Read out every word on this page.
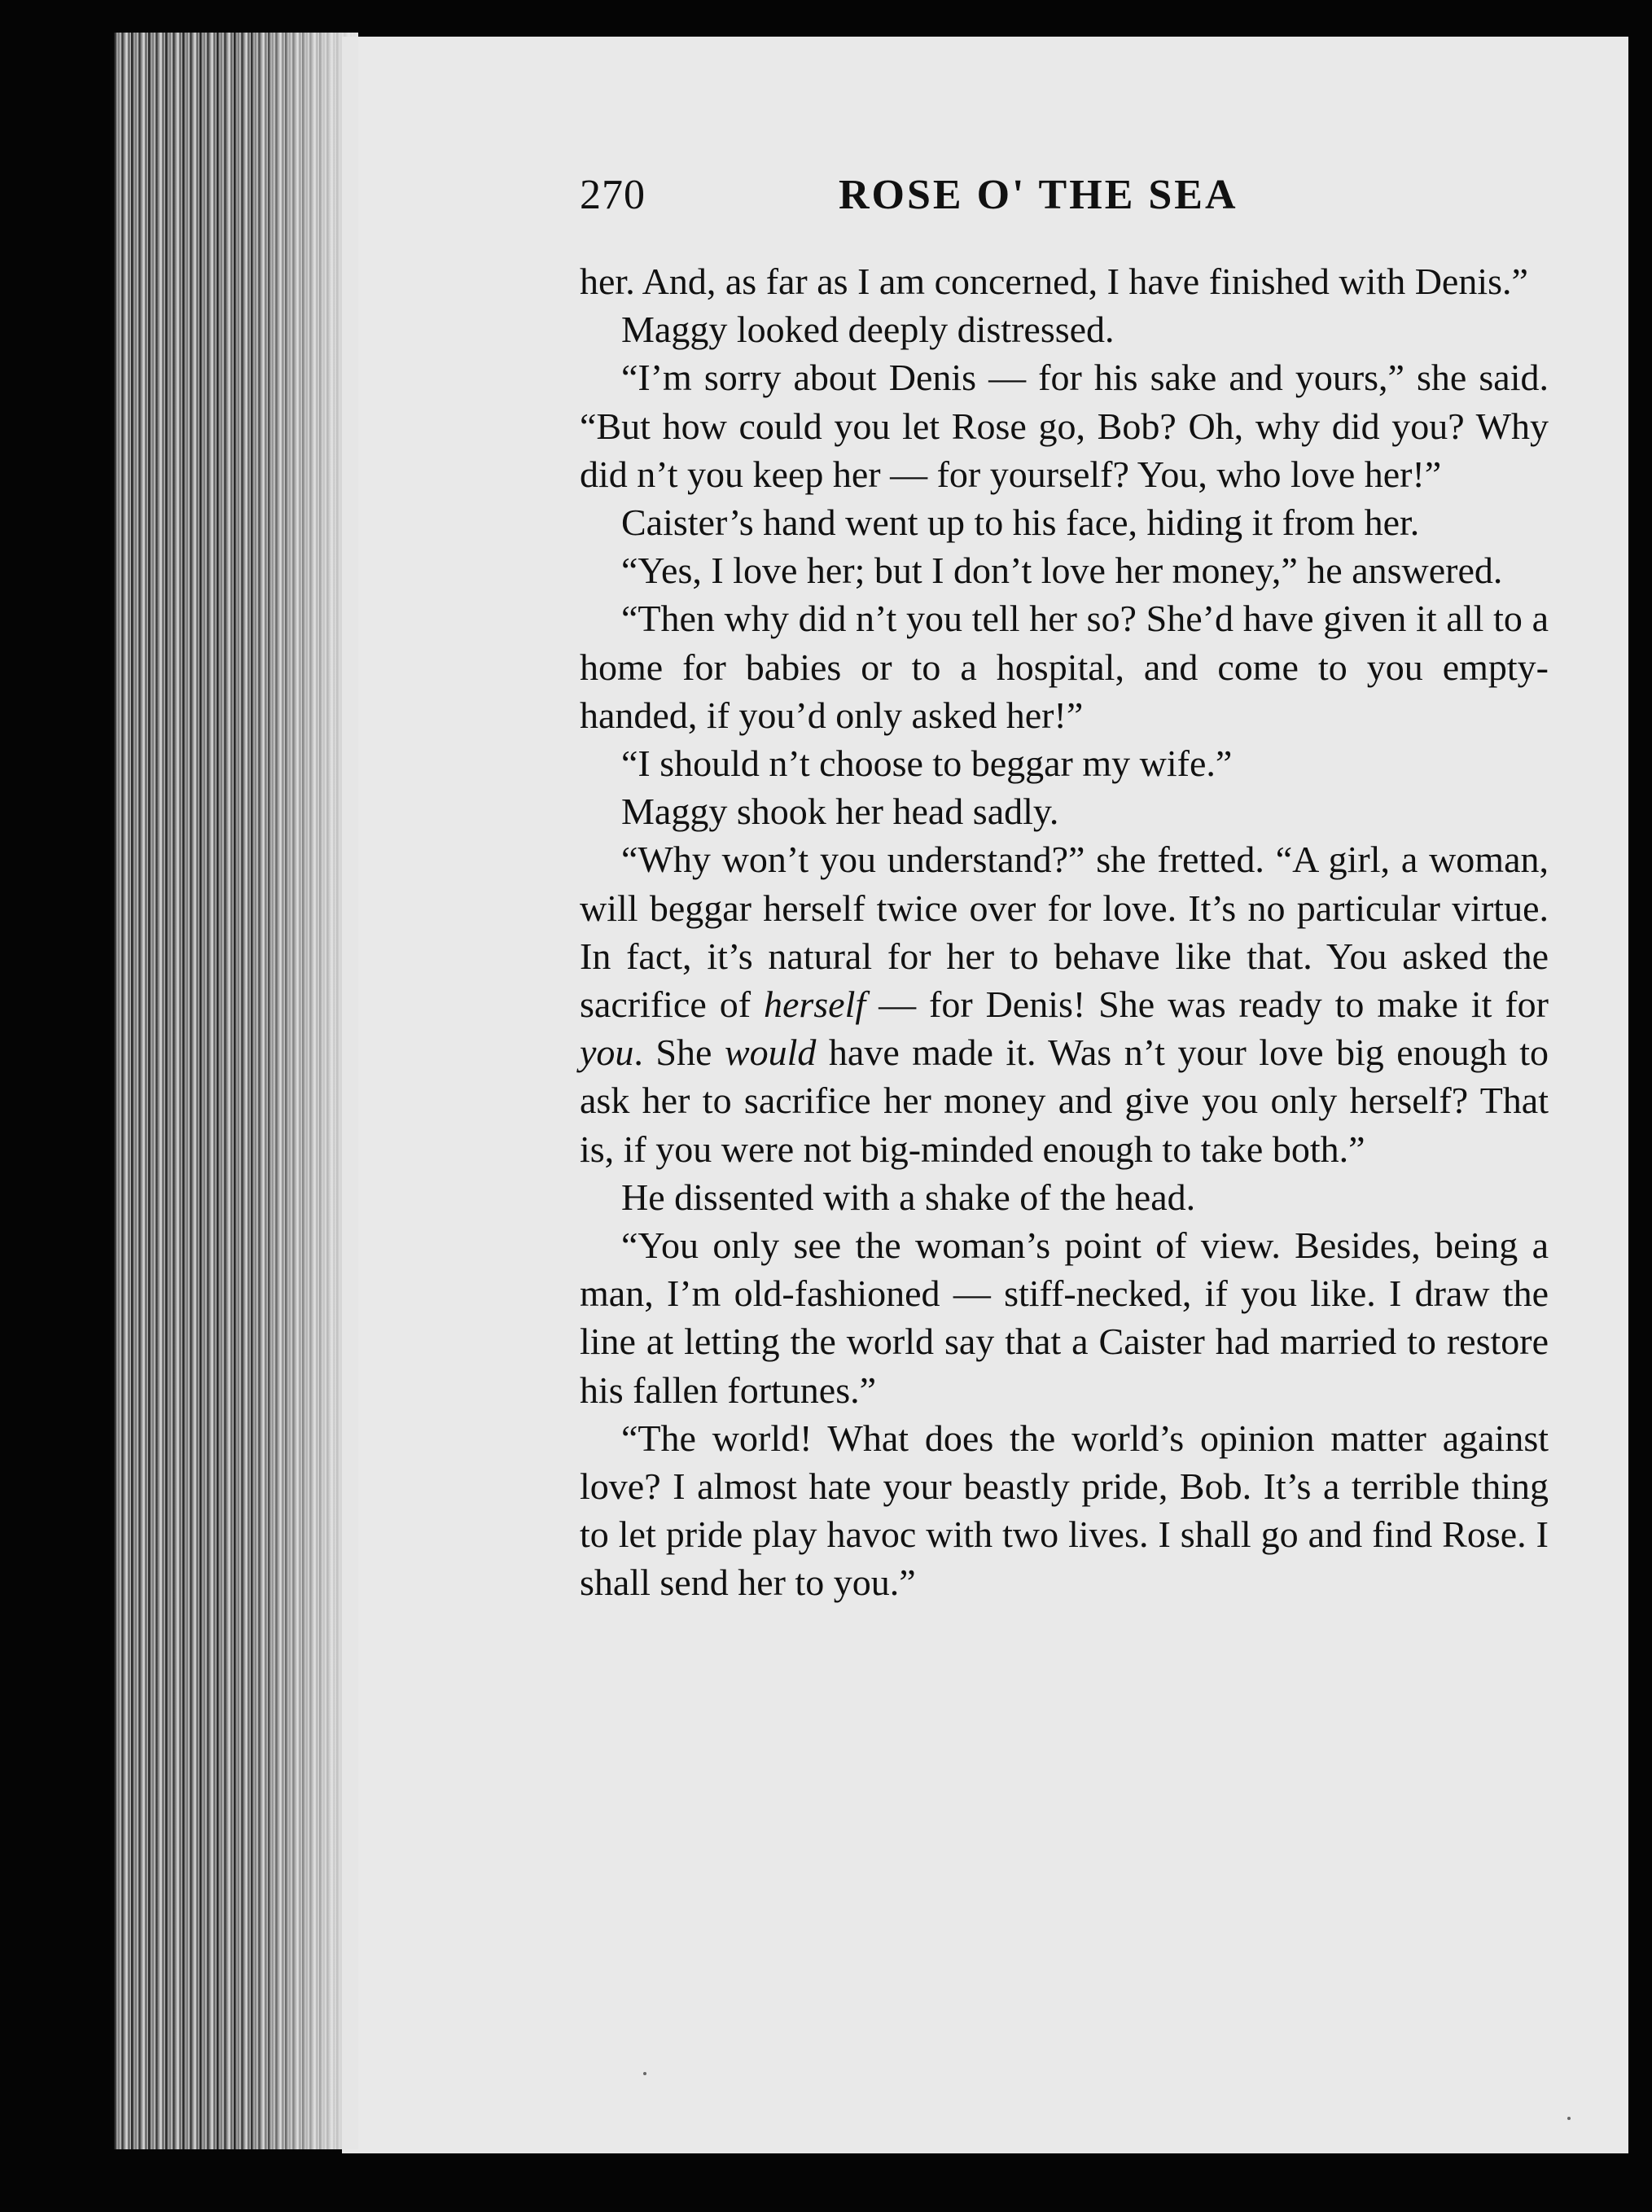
270	ROSE O' THE SEA

her. And, as far as I am concerned, I have finished with Denis.”

Maggy looked deeply distressed.

“I’m sorry about Denis — for his sake and yours,” she said. “But how could you let Rose go, Bob? Oh, why did you? Why did n’t you keep her — for yourself? You, who love her!”

Caister’s hand went up to his face, hiding it from her.

“Yes, I love her; but I don’t love her money,” he answered.

“Then why did n’t you tell her so? She’d have given it all to a home for babies or to a hospital, and come to you empty-handed, if you’d only asked her!”

“I should n’t choose to beggar my wife.”

Maggy shook her head sadly.

“Why won’t you understand?” she fretted. “A girl, a woman, will beggar herself twice over for love. It’s no particular virtue. In fact, it’s natural for her to behave like that. You asked the sacrifice of herself — for Denis! She was ready to make it for you. She would have made it. Was n’t your love big enough to ask her to sacrifice her money and give you only herself? That is, if you were not big-minded enough to take both.”

He dissented with a shake of the head.

“You only see the woman’s point of view. Besides, being a man, I’m old-fashioned — stiff-necked, if you like. I draw the line at letting the world say that a Caister had married to restore his fallen fortunes.”

“The world! What does the world’s opinion matter against love? I almost hate your beastly pride, Bob. It’s a terrible thing to let pride play havoc with two lives. I shall go and find Rose. I shall send her to you.”
